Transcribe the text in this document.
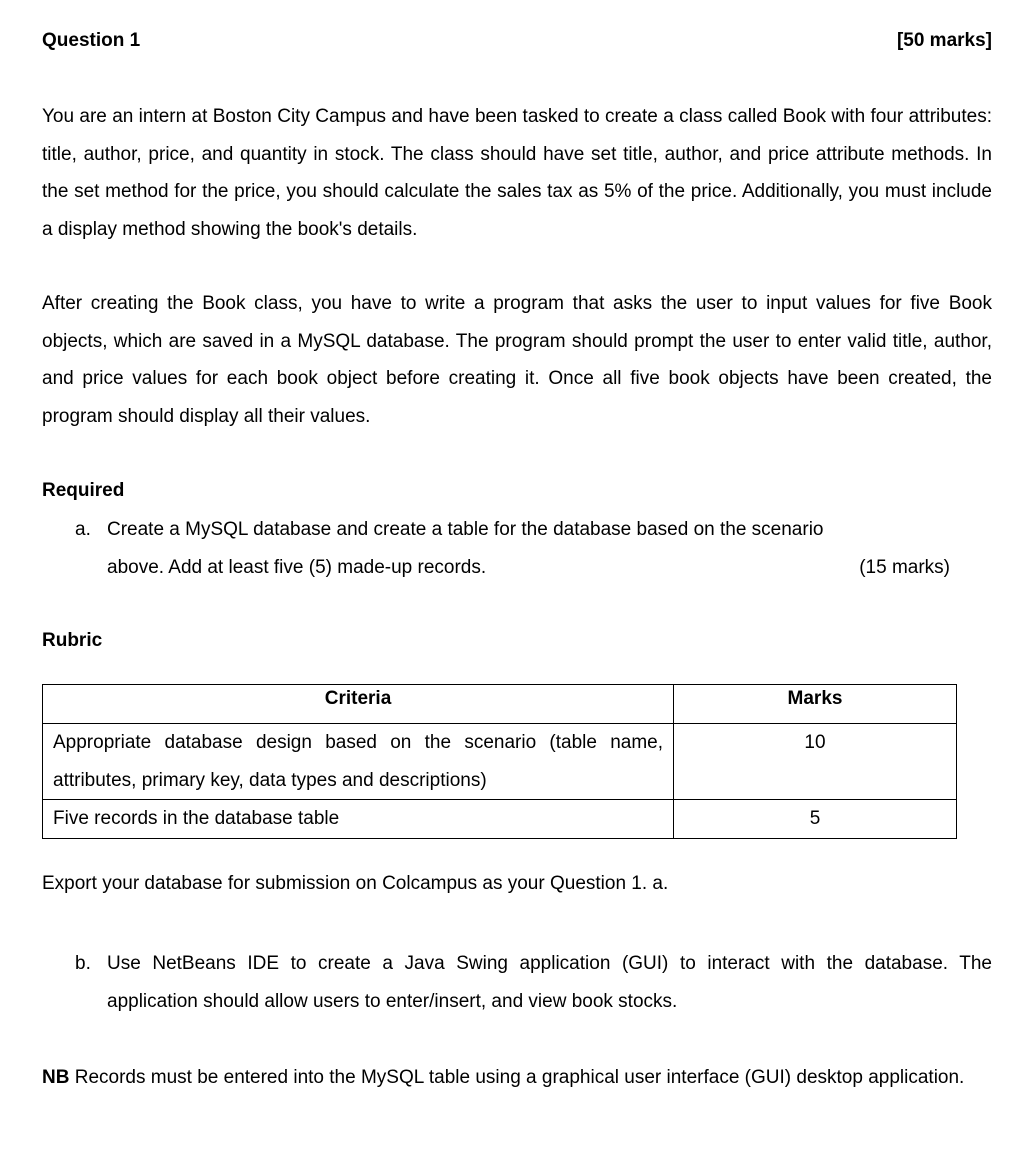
Question 1	[50 marks]
You are an intern at Boston City Campus and have been tasked to create a class called Book with four attributes: title, author, price, and quantity in stock. The class should have set title, author, and price attribute methods. In the set method for the price, you should calculate the sales tax as 5% of the price. Additionally, you must include a display method showing the book's details.
After creating the Book class, you have to write a program that asks the user to input values for five Book objects, which are saved in a MySQL database. The program should prompt the user to enter valid title, author, and price values for each book object before creating it. Once all five book objects have been created, the program should display all their values.
Required
a. Create a MySQL database and create a table for the database based on the scenario
above. Add at least five (5) made-up records.	(15 marks)
Rubric
Criteria	Marks
Appropriate database design based on the scenario (table name, attributes, primary key, data types and descriptions)	10
Five records in the database table	5
Export your database for submission on Colcampus as your Question 1. a.
b. Use NetBeans IDE to create a Java Swing application (GUI) to interact with the database. The application should allow users to enter/insert, and view book stocks.
NB Records must be entered into the MySQL table using a graphical user interface (GUI) desktop application.
